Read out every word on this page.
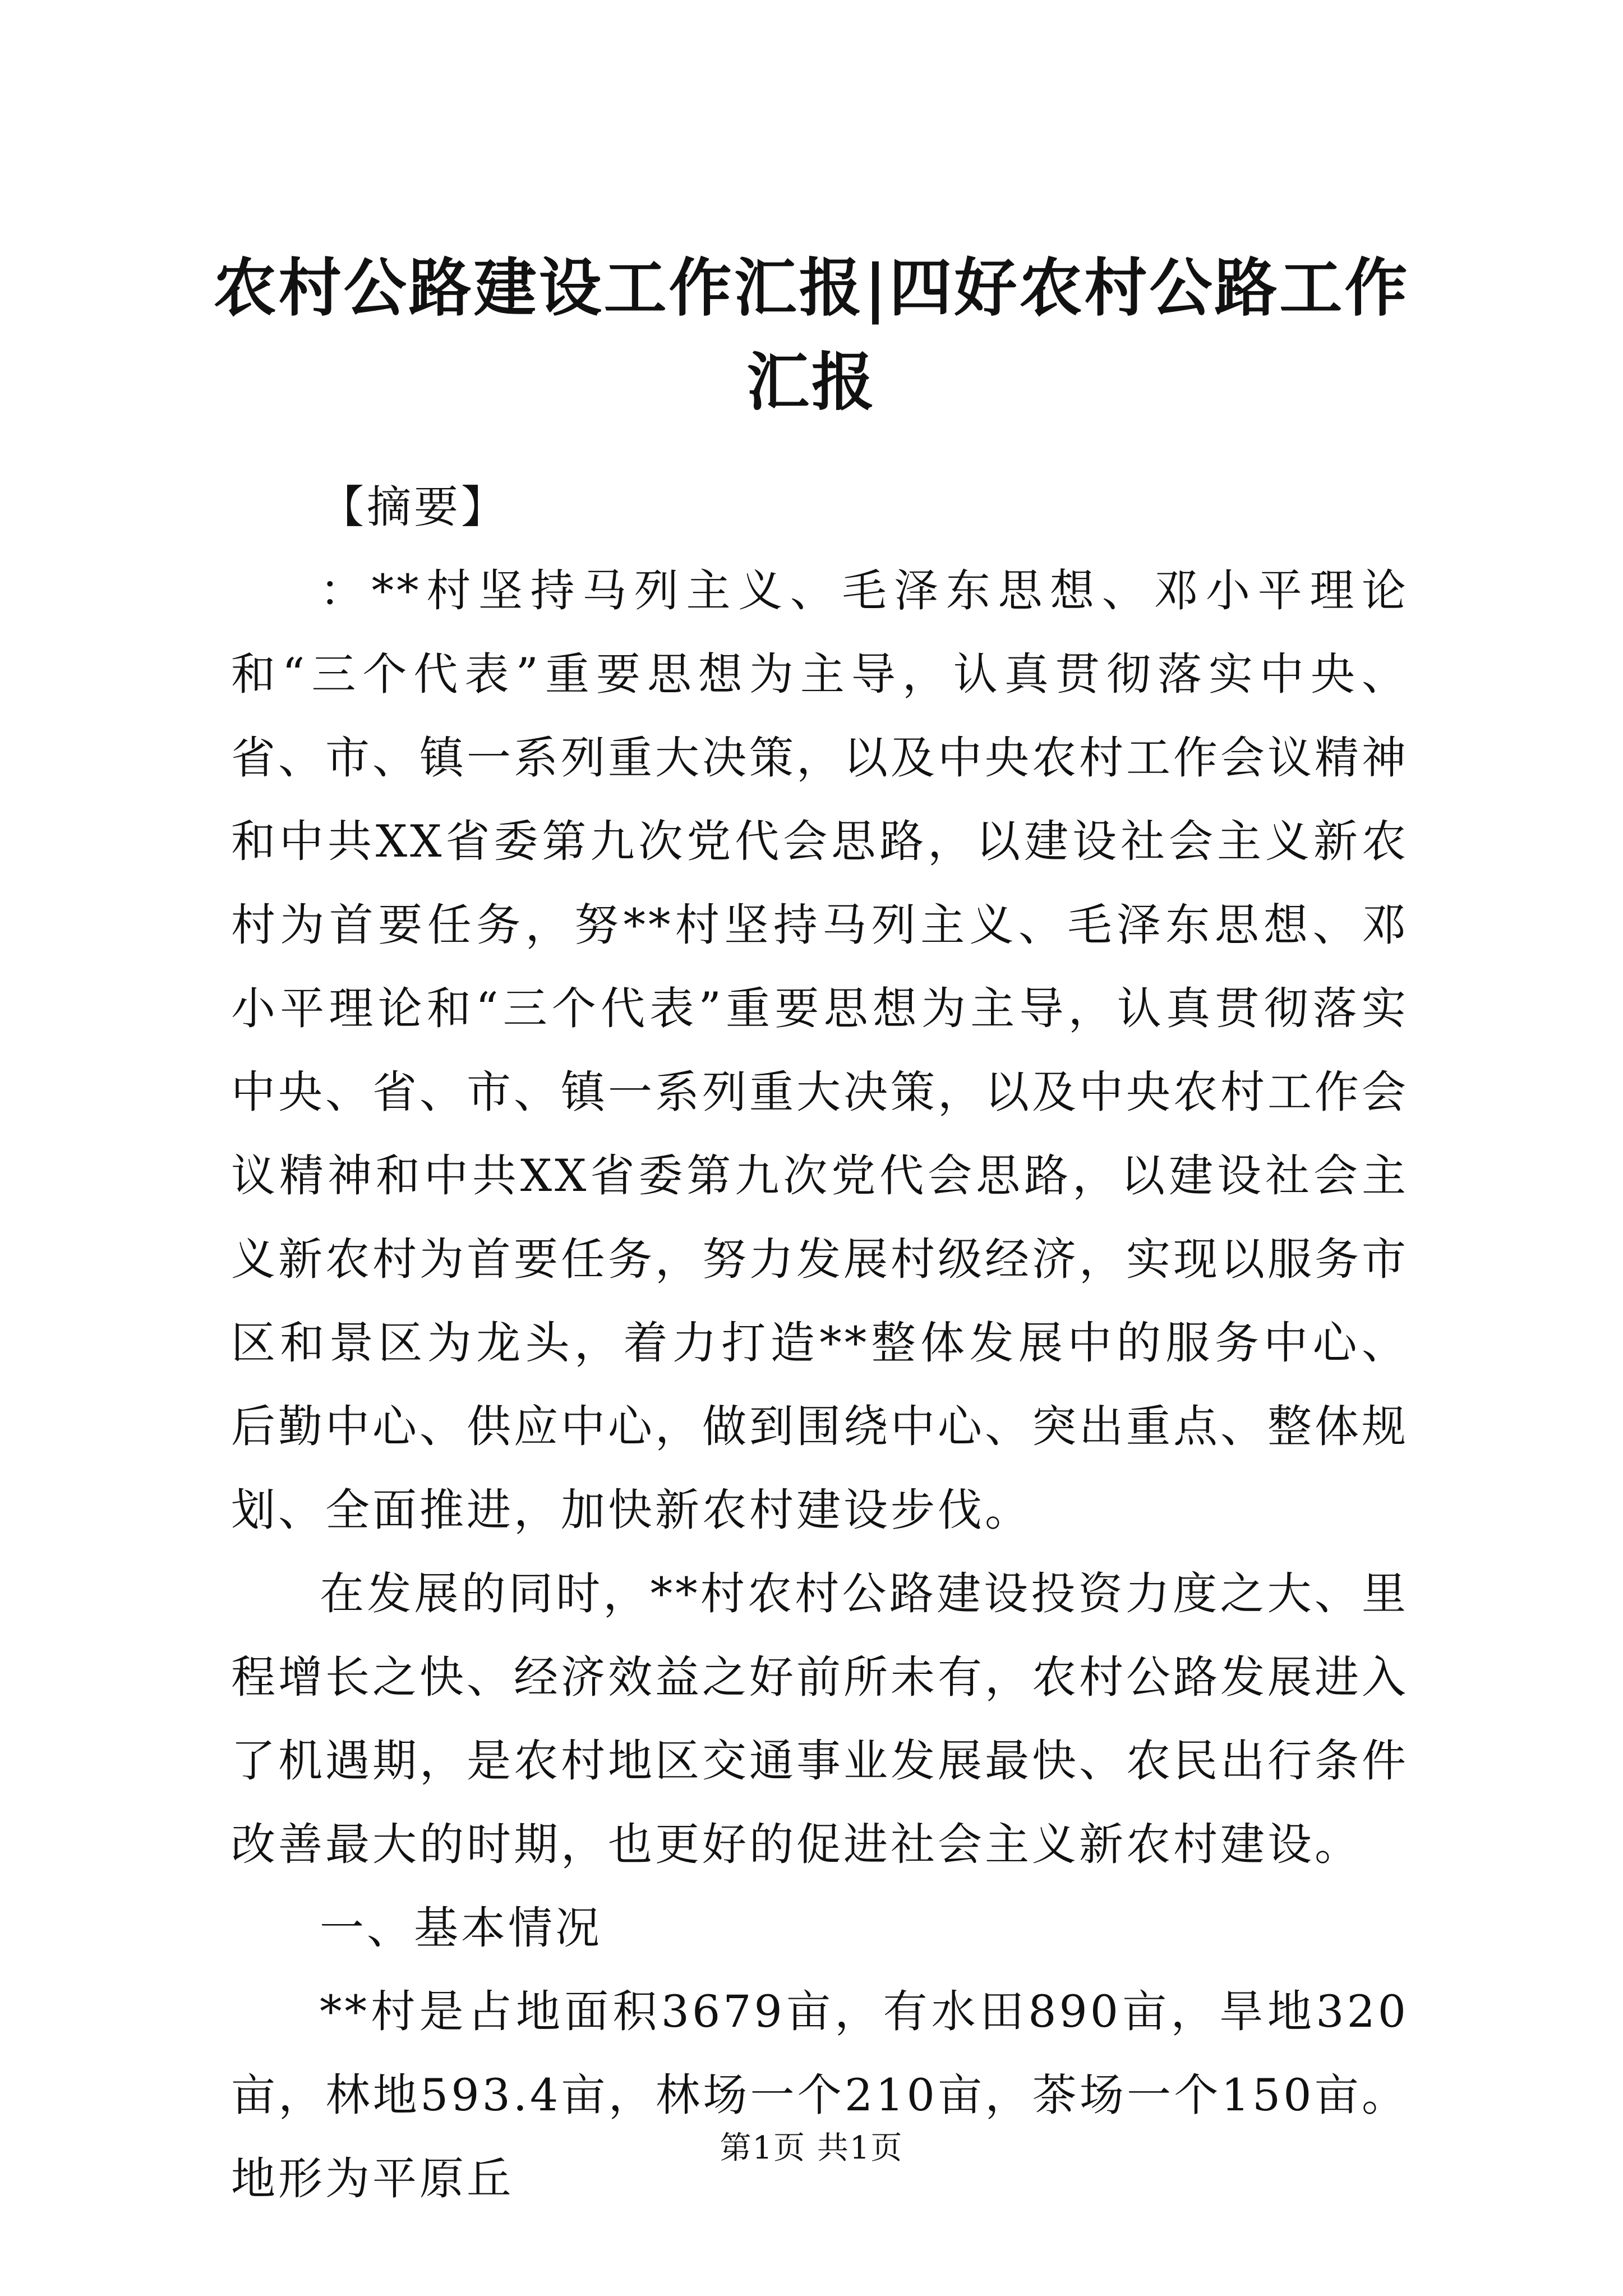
农村公路建设工作汇报|四好农村公路工作汇报

【摘要】

：**村坚持马列主义、毛泽东思想、邓小平理论和“三个代表”重要思想为主导，认真贯彻落实中央、省、市、镇一系列重大决策，以及中央农村工作会议精神和中共XX省委第九次党代会思路，以建设社会主义新农村为首要任务，努**村坚持马列主义、毛泽东思想、邓小平理论和“三个代表”重要思想为主导，认真贯彻落实中央、省、市、镇一系列重大决策，以及中央农村工作会议精神和中共XX省委第九次党代会思路，以建设社会主义新农村为首要任务，努力发展村级经济，实现以服务市区和景区为龙头，着力打造**整体发展中的服务中心、后勤中心、供应中心，做到围绕中心、突出重点、整体规划、全面推进，加快新农村建设步伐。

在发展的同时，**村农村公路建设投资力度之大、里程增长之快、经济效益之好前所未有，农村公路发展进入了机遇期，是农村地区交通事业发展最快、农民出行条件改善最大的时期，也更好的促进社会主义新农村建设。

一、基本情况

**村是占地面积3679亩，有水田890亩，旱地320亩，林地593.4亩，林场一个210亩，茶场一个150亩。地形为平原丘

第1页 共1页
